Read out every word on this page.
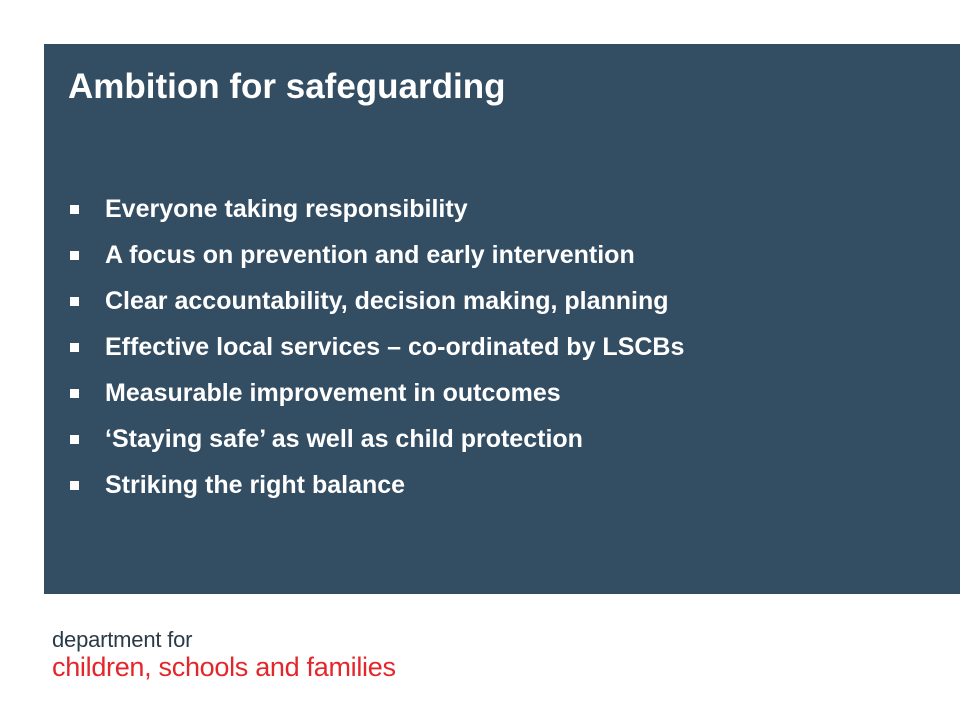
Ambition for safeguarding
Everyone taking responsibility
A focus on prevention and early intervention
Clear accountability, decision making, planning
Effective local services – co-ordinated by LSCBs
Measurable improvement in outcomes
‘Staying safe’ as well as child protection
Striking the right balance
department for
children, schools and families
